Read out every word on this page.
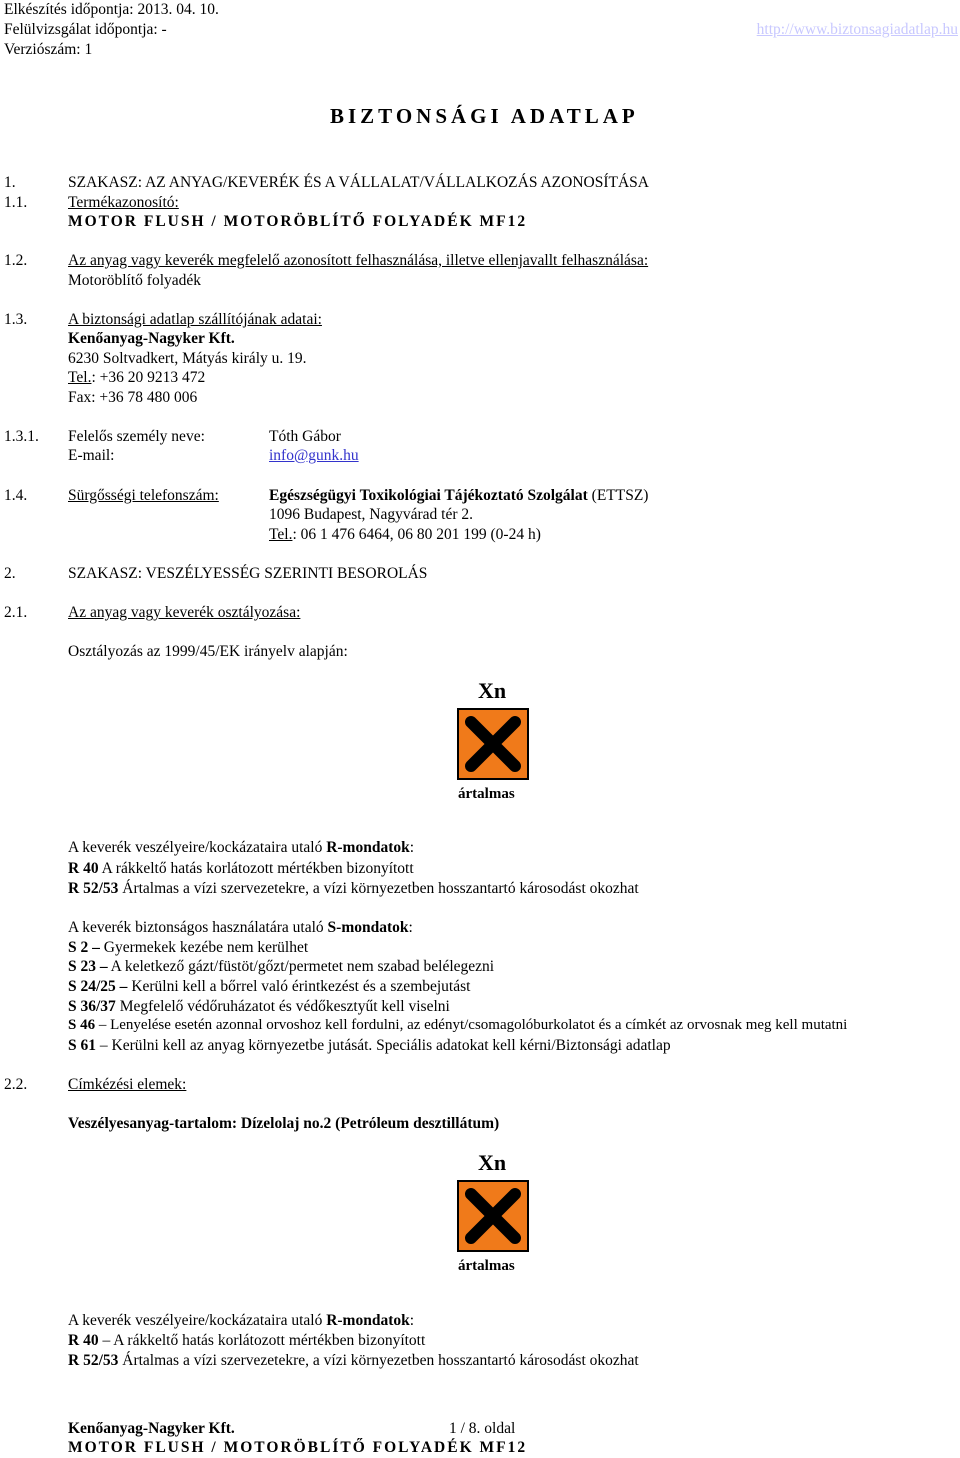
Elkészítés időpontja: 2013. 04. 10.
Felülvizsgálat időpontja: -
Verziószám: 1
http://www.biztonsagiadatlap.hu
BIZTONSÁGI ADATLAP
1.	SZAKASZ: AZ ANYAG/KEVERÉK ÉS A VÁLLALAT/VÁLLALKOZÁS AZONOSÍTÁSA
1.1.	Termékazonosító:
MOTOR FLUSH / MOTORÖBLÍTŐ FOLYADÉK MF12
1.2.	Az anyag vagy keverék megfelelő azonosított felhasználása, illetve ellenjavallt felhasználása:
Motoröblítő folyadék
1.3.	A biztonsági adatlap szállítójának adatai:
Kenőanyag-Nagyker Kft.
6230 Soltvadkert, Mátyás király u. 19.
Tel.: +36 20 9213 472
Fax: +36 78 480 006
1.3.1. Felelős személy neve:	Tóth Gábor
E-mail:	info@gunk.hu
1.4.	Sürgősségi telefonszám:	Egészségügyi Toxikológiai Tájékoztató Szolgálat (ETTSZ)
1096 Budapest, Nagyvárad tér 2.
Tel.: 06 1 476 6464, 06 80 201 199 (0-24 h)
2.	SZAKASZ: VESZÉLYESSÉG SZERINTI BESOROLÁS
2.1.	Az anyag vagy keverék osztályozása:
Osztályozás az 1999/45/EK irányelv alapján:
Xn
ártalmas
A keverék veszélyeire/kockázataira utaló R-mondatok:
R 40 A rákkeltő hatás korlátozott mértékben bizonyított
R 52/53 Ártalmas a vízi szervezetekre, a vízi környezetben hosszantartó károsodást okozhat
A keverék biztonságos használatára utaló S-mondatok:
S 2 – Gyermekek kezébe nem kerülhet
S 23 – A keletkező gázt/füstöt/gőzt/permetet nem szabad belélegezni
S 24/25 – Kerülni kell a bőrrel való érintkezést és a szembejutást
S 36/37 Megfelelő védőruházatot és védőkesztyűt kell viselni
S 46 – Lenyelése esetén azonnal orvoshoz kell fordulni, az edényt/csomagolóburkolatot és a címkét az orvosnak meg kell mutatni
S 61 – Kerülni kell az anyag környezetbe jutását. Speciális adatokat kell kérni/Biztonsági adatlap
2.2.	Címkézési elemek:
Veszélyesanyag-tartalom: Dízelolaj no.2 (Petróleum desztillátum)
Xn
ártalmas
A keverék veszélyeire/kockázataira utaló R-mondatok:
R 40 – A rákkeltő hatás korlátozott mértékben bizonyított
R 52/53 Ártalmas a vízi szervezetekre, a vízi környezetben hosszantartó károsodást okozhat
Kenőanyag-Nagyker Kft.	1 / 8. oldal
MOTOR FLUSH / MOTORÖBLÍTŐ FOLYADÉK MF12
